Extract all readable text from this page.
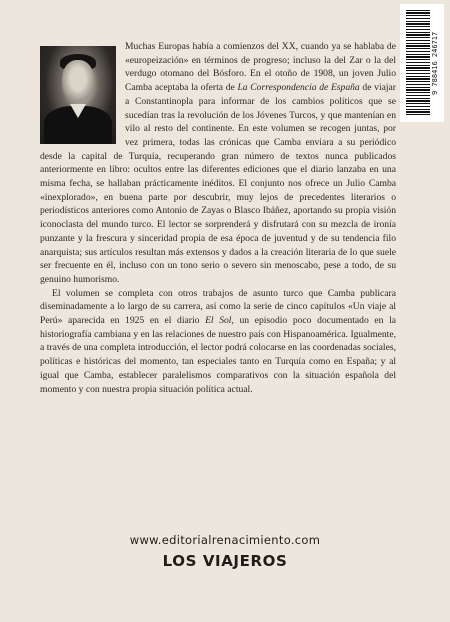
9 788416 246717

Muchas Europas había a comienzos del XX, cuando ya se hablaba de «europeización» en términos de progreso; incluso la del Zar o la del verdugo otomano del Bósforo. En el otoño de 1908, un joven Julio Camba aceptaba la oferta de La Correspondencia de España de viajar a Constantinopla para informar de los cambios políticos que se sucedían tras la revolución de los Jóvenes Turcos, y que mantenían en vilo al resto del continente. En este volumen se recogen juntas, por vez primera, todas las crónicas que Camba enviara a su periódico desde la capital de Turquía, recuperando gran número de textos nunca publicados anteriormente en libro: ocultos entre las diferentes ediciones que el diario lanzaba en una misma fecha, se hallaban prácticamente inéditos. El conjunto nos ofrece un Julio Camba «inexplorado», en buena parte por descubrir, muy lejos de precedentes literarios o periodísticos anteriores como Antonio de Zayas o Blasco Ibáñez, aportando su propia visión iconoclasta del mundo turco. El lector se sorprenderá y disfrutará con su mezcla de ironía punzante y la frescura y sinceridad propia de esa época de juventud y de su tendencia filo anarquista; sus artículos resultan más extensos y dados a la creación literaria de lo que suele ser frecuente en él, incluso con un tono serio o severo sin menoscabo, pese a todo, de su genuino humorismo.

El volumen se completa con otros trabajos de asunto turco que Camba publicara diseminadamente a lo largo de su carrera, así como la serie de cinco capítulos «Un viaje al Perú» aparecida en 1925 en el diario El Sol, un episodio poco documentado en la historiografía cambiana y en las relaciones de nuestro país con Hispanoamérica. Igualmente, a través de una completa introducción, el lector podrá colocarse en las coordenadas sociales, políticas e históricas del momento, tan especiales tanto en Turquía como en España; y al igual que Camba, establecer paralelismos comparativos con la situación española del momento y con nuestra propia situación política actual.

www.editorialrenacimiento.com
LOS VIAJEROS
